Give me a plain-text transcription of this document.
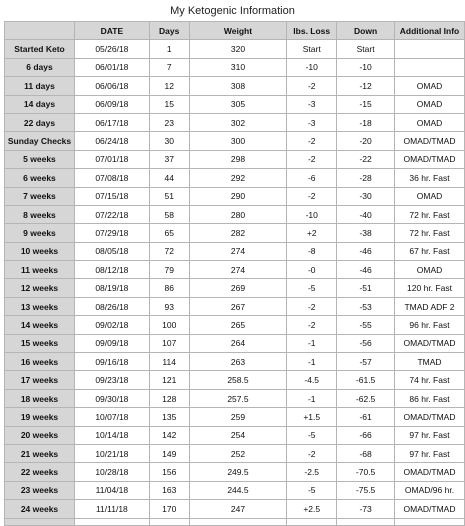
My Ketogenic Information
	DATE	Days	Weight	lbs. Loss	Down	Additional Info
Started Keto	05/26/18	1	320	Start	Start	
6 days	06/01/18	7	310	-10	-10	
11 days	06/06/18	12	308	-2	-12	OMAD
14 days	06/09/18	15	305	-3	-15	OMAD
22 days	06/17/18	23	302	-3	-18	OMAD
Sunday Checks	06/24/18	30	300	-2	-20	OMAD/TMAD
5 weeks	07/01/18	37	298	-2	-22	OMAD/TMAD
6 weeks	07/08/18	44	292	-6	-28	36 hr. Fast
7 weeks	07/15/18	51	290	-2	-30	OMAD
8 weeks	07/22/18	58	280	-10	-40	72 hr. Fast
9 weeks	07/29/18	65	282	+2	-38	72 hr. Fast
10 weeks	08/05/18	72	274	-8	-46	67 hr. Fast
11 weeks	08/12/18	79	274	-0	-46	OMAD
12 weeks	08/19/18	86	269	-5	-51	120 hr. Fast
13 weeks	08/26/18	93	267	-2	-53	TMAD ADF 2
14 weeks	09/02/18	100	265	-2	-55	96 hr. Fast
15 weeks	09/09/18	107	264	-1	-56	OMAD/TMAD
16 weeks	09/16/18	114	263	-1	-57	TMAD
17 weeks	09/23/18	121	258.5	-4.5	-61.5	74 hr. Fast
18 weeks	09/30/18	128	257.5	-1	-62.5	86 hr. Fast
19 weeks	10/07/18	135	259	+1.5	-61	OMAD/TMAD
20 weeks	10/14/18	142	254	-5	-66	97 hr. Fast
21 weeks	10/21/18	149	252	-2	-68	97 hr. Fast
22 weeks	10/28/18	156	249.5	-2.5	-70.5	OMAD/TMAD
23 weeks	11/04/18	163	244.5	-5	-75.5	OMAD/96 hr.
24 weeks	11/11/18	170	247	+2.5	-73	OMAD/TMAD
